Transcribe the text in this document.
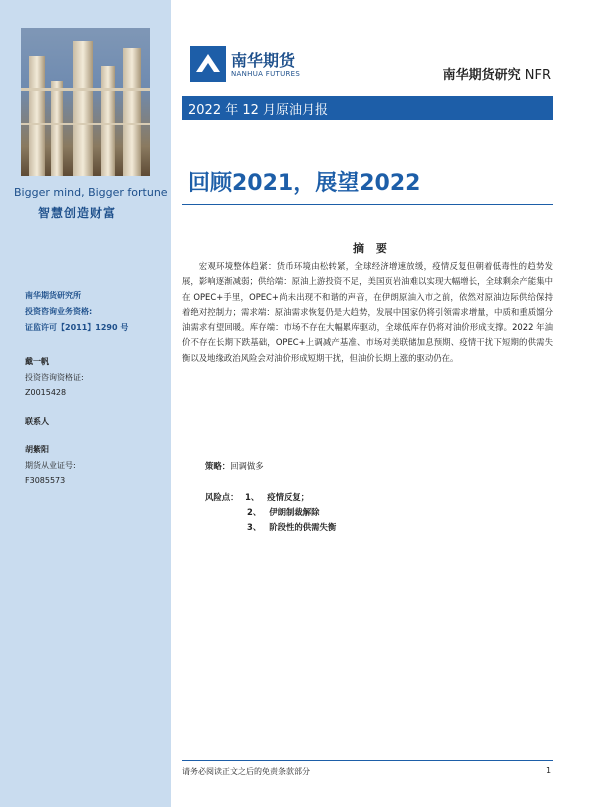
Bigger mind, Bigger fortune
智慧创造财富
南华期货研究所
投资咨询业务资格:
证监许可【2011】1290 号
戴一帆
投资咨询资格证:
Z0015428
联系人
胡紫阳
期货从业证号:
F3085573
南华期货
NANHUA FUTURES	南华期货研究 NFR
2022 年 12 月原油月报
回顾2021，展望2022
摘 要
宏观环境整体趋紧：货币环境由松转紧，全球经济增速放缓，疫情反复但朝着低毒性的趋势发展，影响逐渐减弱；供给端：原油上游投资不足，美国页岩油难以实现大幅增长，全球剩余产能集中在 OPEC+手里，OPEC+尚未出现不和谐的声音，在伊朗原油入市之前，依然对原油边际供给保持着绝对控制力；需求端：原油需求恢复仍是大趋势，发展中国家仍将引领需求增量，中质和重质馏分油需求有望回暖。库存端：市场不存在大幅累库驱动，全球低库存仍将对油价形成支撑。2022 年油价不存在长期下跌基础，OPEC+上调减产基准、市场对美联储加息预期、疫情干扰下短期的供需失衡以及地缘政治风险会对油价形成短期干扰，但油价长期上涨的驱动仍在。
策略：回调做多
风险点： 1、 疫情反复；
2、 伊朗制裁解除
3、 阶段性的供需失衡
请务必阅读正文之后的免责条款部分	1
